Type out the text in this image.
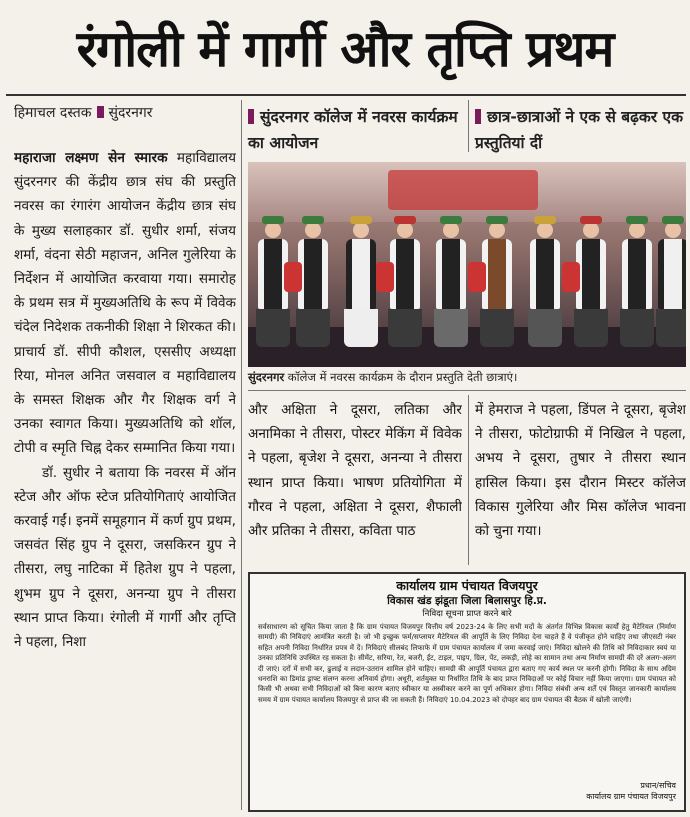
रंगोली में गार्गी और तृप्ति प्रथम
हिमाचल दस्तक सुंदरनगर

महाराजा लक्ष्मण सेन स्मारक महाविद्यालय सुंदरनगर की केंद्रीय छात्र संघ की प्रस्तुति नवरस का रंगारंग आयोजन केंद्रीय छात्र संघ के मुख्य सलाहकार डॉ. सुधीर शर्मा, संजय शर्मा, वंदना सेठी महाजन, अनिल गुलेरिया के निर्देशन में आयोजित करवाया गया। समारोह के प्रथम सत्र में मुख्यअतिथि के रूप में विवेक चंदेल निदेशक तकनीकी शिक्षा ने शिरकत की। प्राचार्य डॉ. सीपी कौशल, एससीए अध्यक्षा रिया, मोनल अनित जसवाल व महाविद्यालय के समस्त शिक्षक और गैर शिक्षक वर्ग ने उनका स्वागत किया। मुख्यअतिथि को शॉल, टोपी व स्मृति चिह्न देकर सम्मानित किया गया।

डॉ. सुधीर ने बताया कि नवरस में ऑन स्टेज और ऑफ स्टेज प्रतियोगिताएं आयोजित करवाई गईं। इनमें समूहगान में कर्ण ग्रुप प्रथम, जसवंत सिंह ग्रुप ने दूसरा, जसकिरन ग्रुप ने तीसरा, लघु नाटिका में हितेश ग्रुप ने पहला, शुभम ग्रुप ने दूसरा, अनन्या ग्रुप ने तीसरा स्थान प्राप्त किया। रंगोली में गार्गी और तृप्ति ने पहला, निशा

सुंदरनगर कॉलेज में नवरस कार्यक्रम का आयोजन
छात्र-छात्राओं ने एक से बढ़कर एक प्रस्तुतियां दीं
सुंदरनगर कॉलेज में नवरस कार्यक्रम के दौरान प्रस्तुति देती छात्राएं।
और अक्षिता ने दूसरा, लतिका और अनामिका ने तीसरा, पोस्टर मेकिंग में विवेक ने पहला, बृजेश ने दूसरा, अनन्या ने तीसरा स्थान प्राप्त किया। भाषण प्रतियोगिता में गौरव ने पहला, अक्षिता ने दूसरा, शैफाली और प्रतिका ने तीसरा, कविता पाठ
में हेमराज ने पहला, डिंपल ने दूसरा, बृजेश ने तीसरा, फोटोग्राफी में निखिल ने पहला, अभय ने दूसरा, तुषार ने तीसरा स्थान हासिल किया। इस दौरान मिस्टर कॉलेज विकास गुलेरिया और मिस कॉलेज भावना को चुना गया।
कार्यालय ग्राम पंचायत विजयपुर
विकास खंड झंडूता जिला बिलासपुर हि.प्र.
निविदा सूचना प्राप्त करने बारे
सर्वसाधारण को सूचित किया जाता है कि ग्राम पंचायत विजयपुर वित्तीय वर्ष 2023-24 के लिए सभी मदों के अंतर्गत विभिन्न विकास कार्यों हेतु मैटेरियल (निर्माण सामग्री) की निविदाएं आमंत्रित करती है। जो भी इच्छुक फर्म/सप्लायर मैटेरियल की आपूर्ति के लिए निविदा देना चाहते हैं वे पंजीकृत होने चाहिए तथा जीएसटी नंबर सहित अपनी निविदा निर्धारित प्रपत्र में दें। निविदाएं सीलबंद लिफाफे में ग्राम पंचायत कार्यालय में जमा करवाई जाएं। निविदा खोलने की तिथि को निविदाकार स्वयं या उनका प्रतिनिधि उपस्थित रह सकता है। सीमेंट, सरिया, रेत, बजरी, ईंट, टाइल, पाइप, ग्रिल, पेंट, लकड़ी, लोहे का सामान तथा अन्य निर्माण सामग्री की दरें अलग-अलग दी जाएं। दरों में सभी कर, ढुलाई व लदान-उतरान शामिल होने चाहिए। सामग्री की आपूर्ति पंचायत द्वारा बताए गए कार्य स्थल पर करनी होगी। निविदा के साथ अग्रिम धनराशि का डिमांड ड्राफ्ट संलग्न करना अनिवार्य होगा। अधूरी, शर्तयुक्त या निर्धारित तिथि के बाद प्राप्त निविदाओं पर कोई विचार नहीं किया जाएगा। ग्राम पंचायत को किसी भी अथवा सभी निविदाओं को बिना कारण बताए स्वीकार या अस्वीकार करने का पूर्ण अधिकार होगा। निविदा संबंधी अन्य शर्तें एवं विस्तृत जानकारी कार्यालय समय में ग्राम पंचायत कार्यालय विजयपुर से प्राप्त की जा सकती हैं। निविदाएं 10.04.2023 को दोपहर बाद ग्राम पंचायत की बैठक में खोली जाएंगी।
प्रधान/सचिव
कार्यालय ग्राम पंचायत विजयपुर
